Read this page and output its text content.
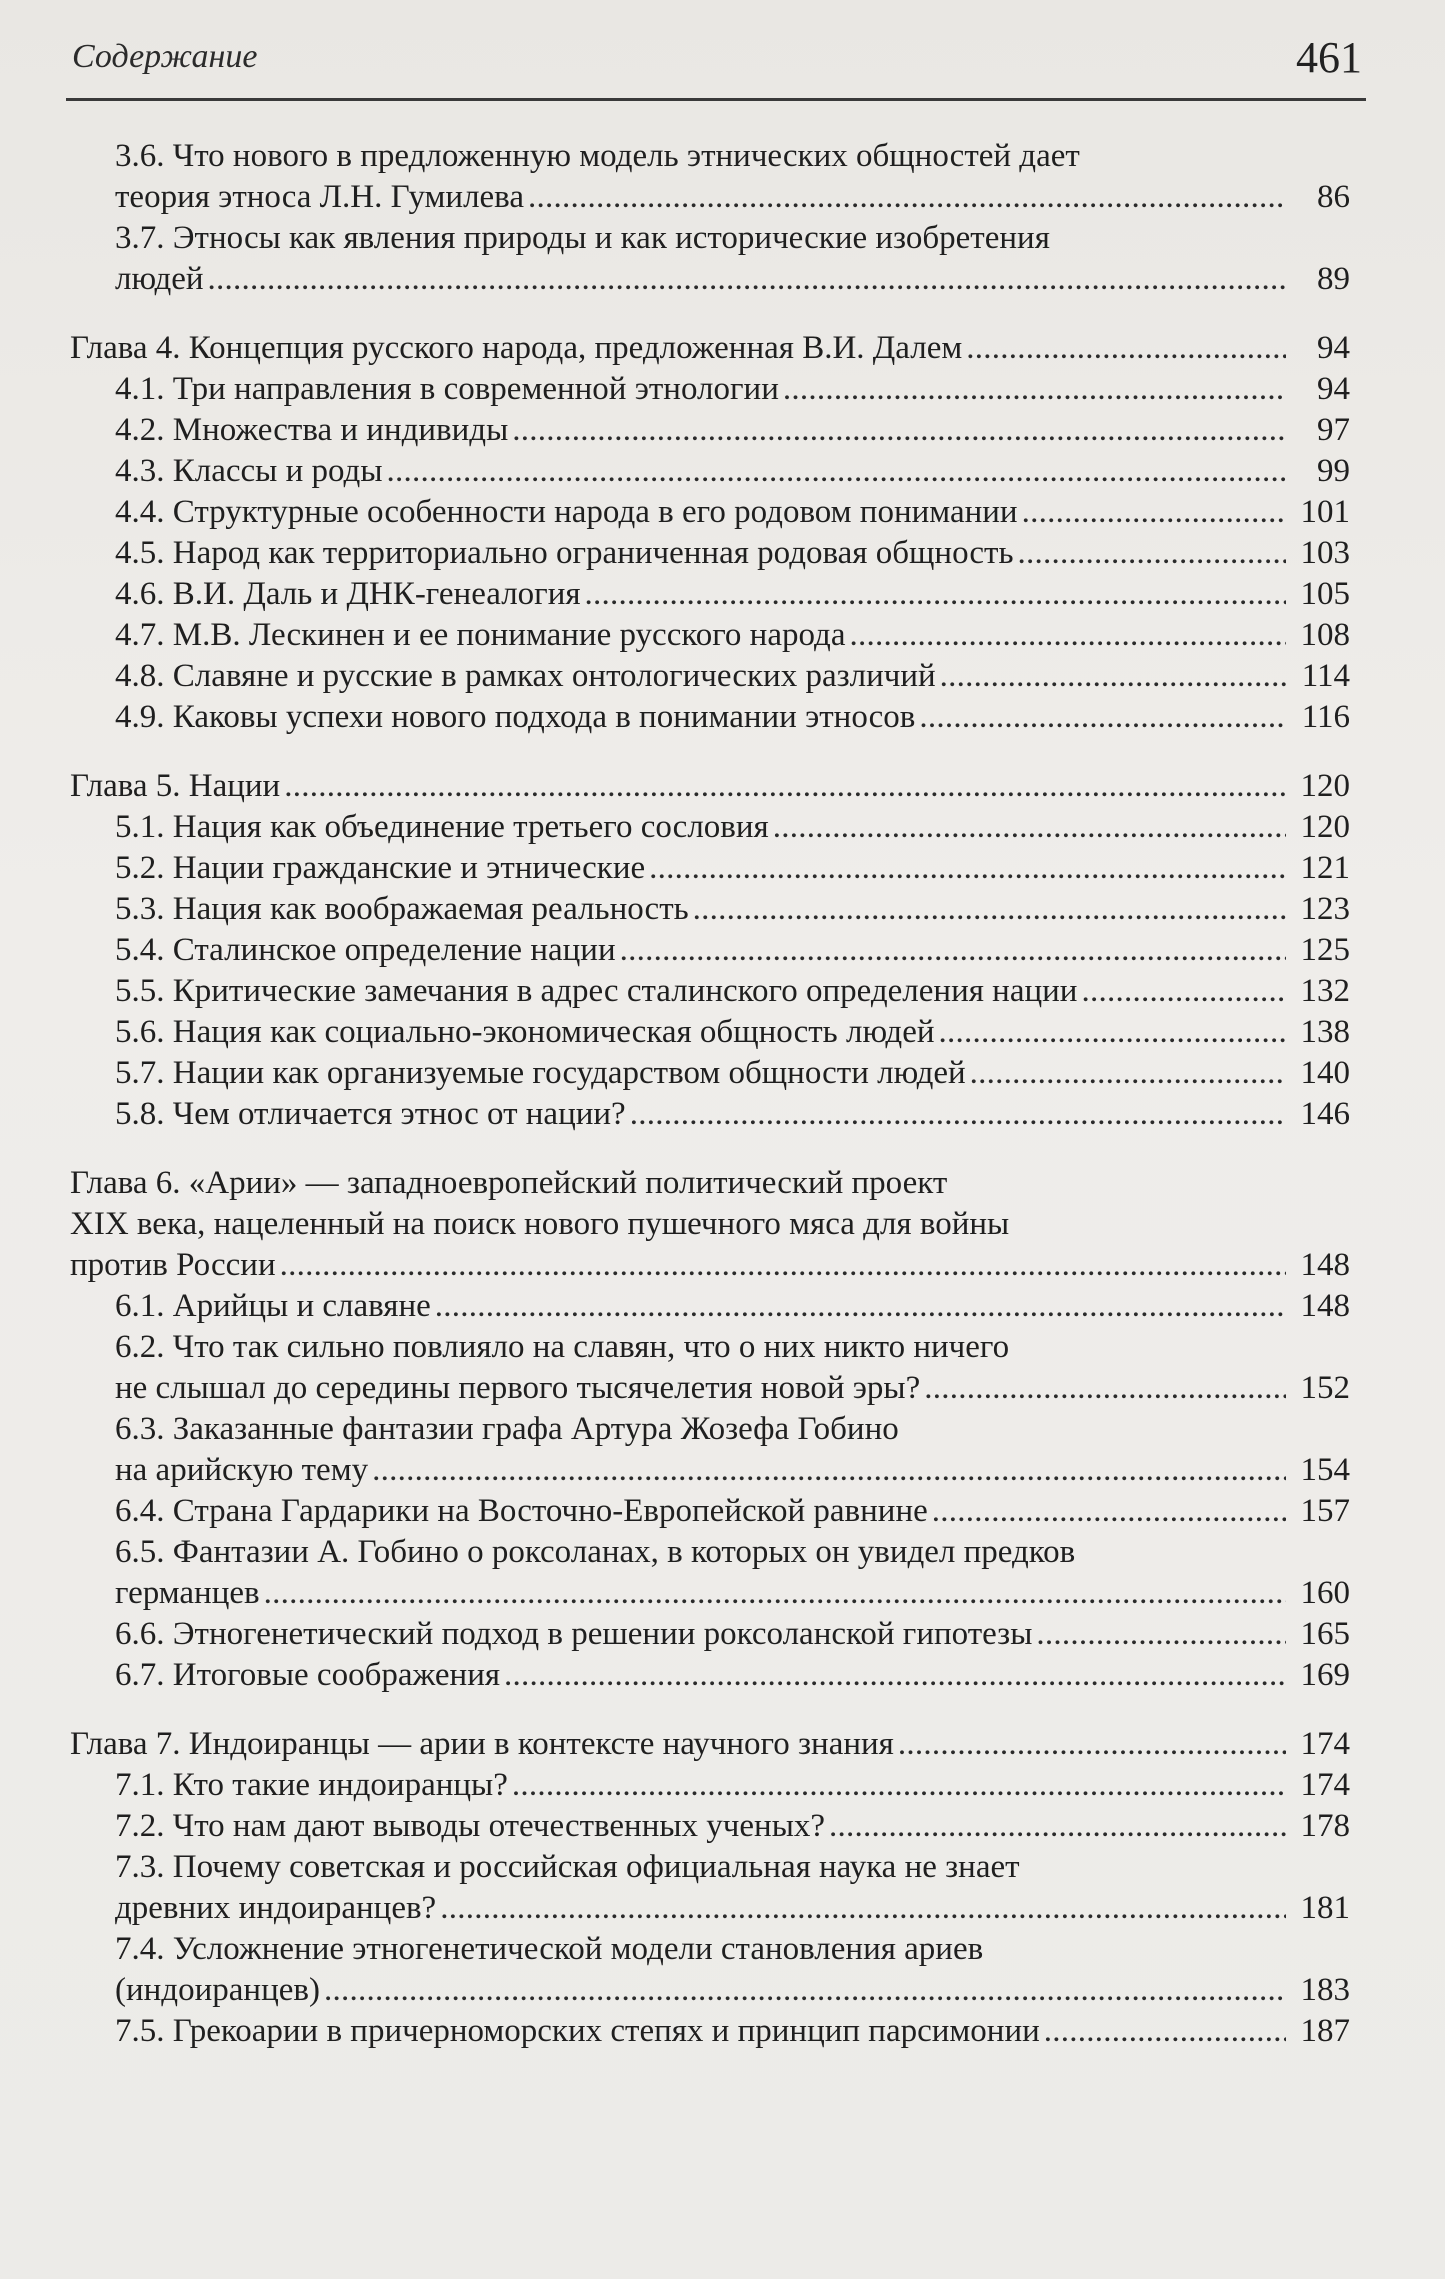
Содержание	461
3.6. Что нового в предложенную модель этнических общностей дает
теория этноса Л.Н. Гумилева . . .	86
3.7. Этносы как явления природы и как исторические изобретения
людей . . .	89
Глава 4. Концепция русского народа, предложенная В.И. Далем . . .	94
4.1. Три направления в современной этнологии . . .	94
4.2. Множества и индивиды . . .	97
4.3. Классы и роды . . .	99
4.4. Структурные особенности народа в его родовом понимании . . .	101
4.5. Народ как территориально ограниченная родовая общность . . .	103
4.6. В.И. Даль и ДНК-генеалогия . . .	105
4.7. М.В. Лескинен и ее понимание русского народа . . .	108
4.8. Славяне и русские в рамках онтологических различий . . .	114
4.9. Каковы успехи нового подхода в понимании этносов . . .	116
Глава 5. Нации . . .	120
5.1. Нация как объединение третьего сословия . . .	120
5.2. Нации гражданские и этнические . . .	121
5.3. Нация как воображаемая реальность . . .	123
5.4. Сталинское определение нации . . .	125
5.5. Критические замечания в адрес сталинского определения нации . . .	132
5.6. Нация как социально-экономическая общность людей . . .	138
5.7. Нации как организуемые государством общности людей . . .	140
5.8. Чем отличается этнос от нации? . . .	146
Глава 6. «Арии» — западноевропейский политический проект
XIX века, нацеленный на поиск нового пушечного мяса для войны
против России . . .	148
6.1. Арийцы и славяне . . .	148
6.2. Что так сильно повлияло на славян, что о них никто ничего
не слышал до середины первого тысячелетия новой эры? . . .	152
6.3. Заказанные фантазии графа Артура Жозефа Гобино
на арийскую тему . . .	154
6.4. Страна Гардарики на Восточно-Европейской равнине . . .	157
6.5. Фантазии А. Гобино о роксоланах, в которых он увидел предков
германцев . . .	160
6.6. Этногенетический подход в решении роксоланской гипотезы . . .	165
6.7. Итоговые соображения . . .	169
Глава 7. Индоиранцы — арии в контексте научного знания . . .	174
7.1. Кто такие индоиранцы? . . .	174
7.2. Что нам дают выводы отечественных ученых? . . .	178
7.3. Почему советская и российская официальная наука не знает
древних индоиранцев? . . .	181
7.4. Усложнение этногенетической модели становления ариев
(индоиранцев) . . .	183
7.5. Грекоарии в причерноморских степях и принцип парсимонии . . .	187
